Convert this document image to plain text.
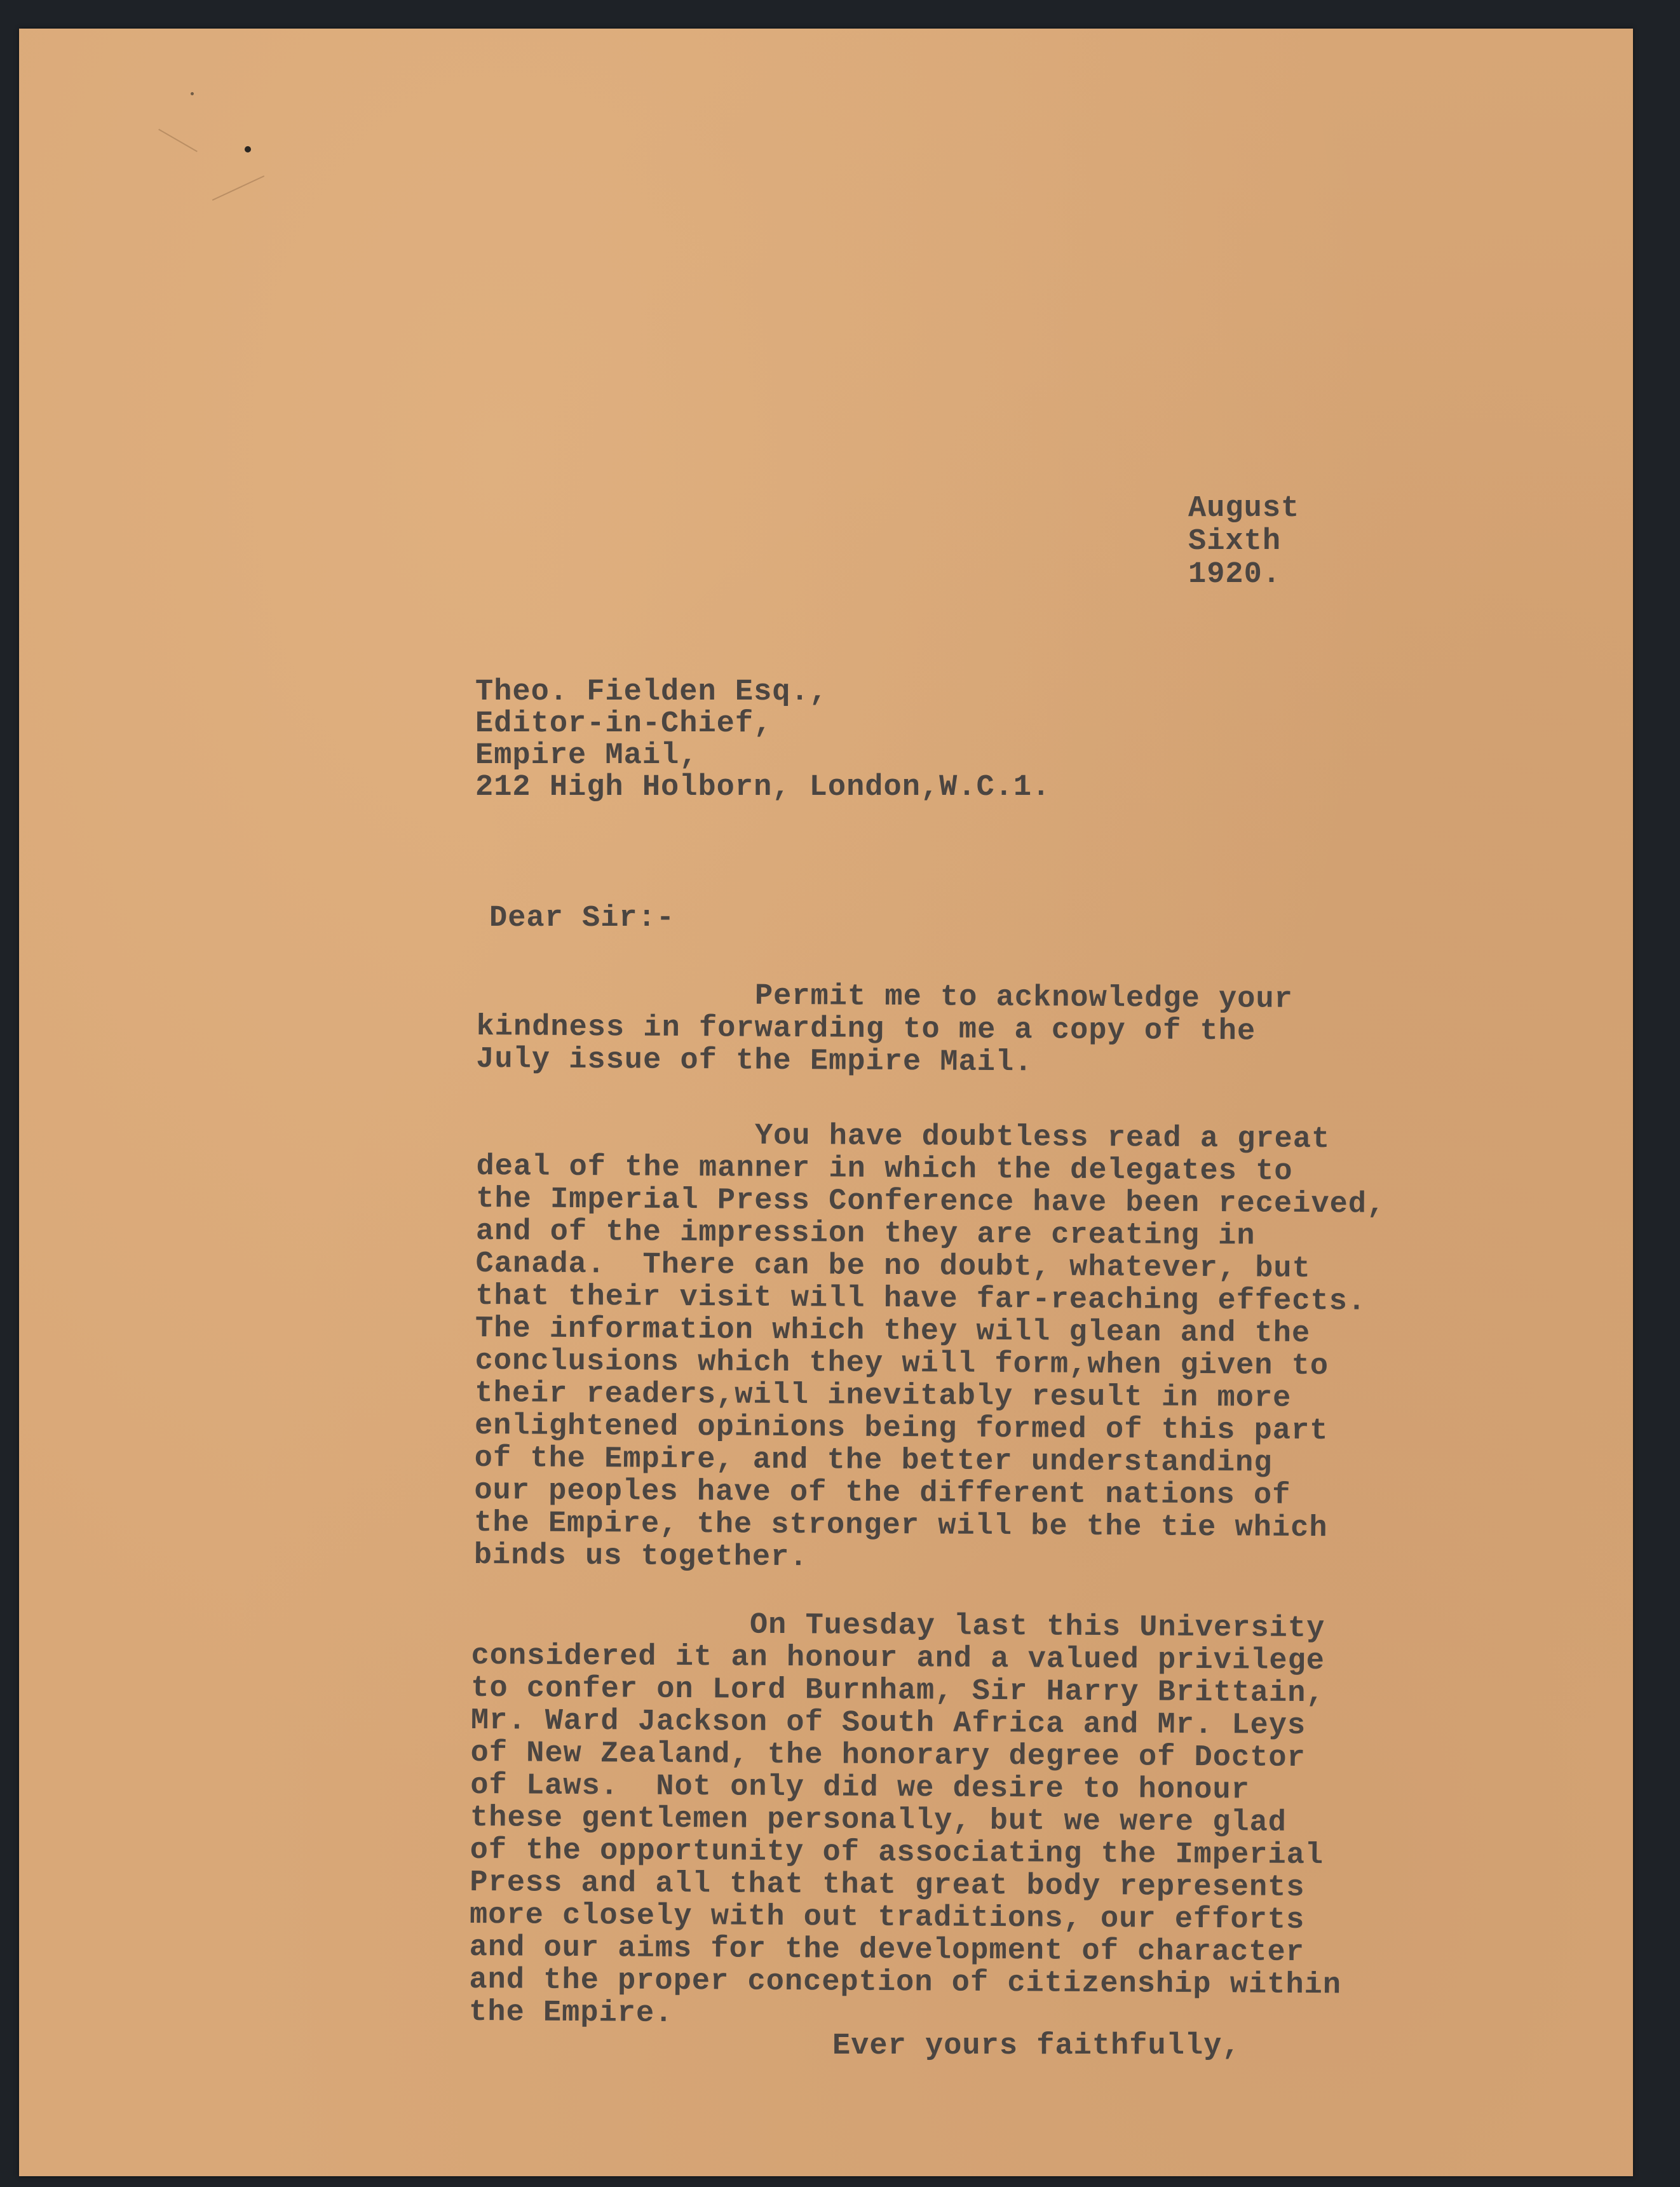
August
Sixth
1920.
Theo. Fielden Esq.,
Editor-in-Chief,
Empire Mail,
212 High Holborn, London,W.C.1.
Dear Sir:-
Permit me to acknowledge your
kindness in forwarding to me a copy of the
July issue of the Empire Mail.
You have doubtless read a great
deal of the manner in which the delegates to
the Imperial Press Conference have been received,
and of the impression they are creating in
Canada.  There can be no doubt, whatever, but
that their visit will have far-reaching effects.
The information which they will glean and the
conclusions which they will form,when given to
their readers,will inevitably result in more
enlightened opinions being formed of this part
of the Empire, and the better understanding
our peoples have of the different nations of
the Empire, the stronger will be the tie which
binds us together.
On Tuesday last this University
considered it an honour and a valued privilege
to confer on Lord Burnham, Sir Harry Brittain,
Mr. Ward Jackson of South Africa and Mr. Leys
of New Zealand, the honorary degree of Doctor
of Laws.  Not only did we desire to honour
these gentlemen personally, but we were glad
of the opportunity of associating the Imperial
Press and all that that great body represents
more closely with out traditions, our efforts
and our aims for the development of character
and the proper conception of citizenship within
the Empire.
Ever yours faithfully,
